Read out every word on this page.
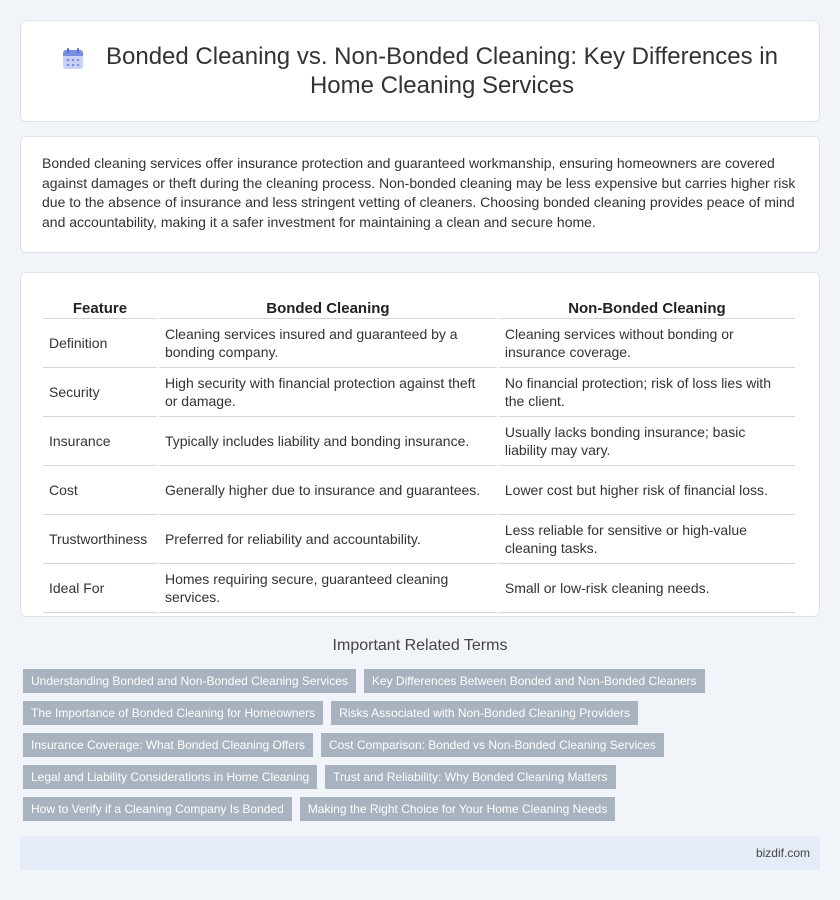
Bonded Cleaning vs. Non-Bonded Cleaning: Key Differences in Home Cleaning Services

Bonded cleaning services offer insurance protection and guaranteed workmanship, ensuring homeowners are covered against damages or theft during the cleaning process. Non-bonded cleaning may be less expensive but carries higher risk due to the absence of insurance and less stringent vetting of cleaners. Choosing bonded cleaning provides peace of mind and accountability, making it a safer investment for maintaining a clean and secure home.

Feature	Bonded Cleaning	Non-Bonded Cleaning
Definition	Cleaning services insured and guaranteed by a bonding company.	Cleaning services without bonding or insurance coverage.
Security	High security with financial protection against theft or damage.	No financial protection; risk of loss lies with the client.
Insurance	Typically includes liability and bonding insurance.	Usually lacks bonding insurance; basic liability may vary.
Cost	Generally higher due to insurance and guarantees.	Lower cost but higher risk of financial loss.
Trustworthiness	Preferred for reliability and accountability.	Less reliable for sensitive or high-value cleaning tasks.
Ideal For	Homes requiring secure, guaranteed cleaning services.	Small or low-risk cleaning needs.
Important Related Terms
Understanding Bonded and Non-Bonded Cleaning Services	Key Differences Between Bonded and Non-Bonded Cleaners
The Importance of Bonded Cleaning for Homeowners	Risks Associated with Non-Bonded Cleaning Providers
Insurance Coverage: What Bonded Cleaning Offers	Cost Comparison: Bonded vs Non-Bonded Cleaning Services
Legal and Liability Considerations in Home Cleaning	Trust and Reliability: Why Bonded Cleaning Matters
How to Verify if a Cleaning Company Is Bonded	Making the Right Choice for Your Home Cleaning Needs
bizdif.com
